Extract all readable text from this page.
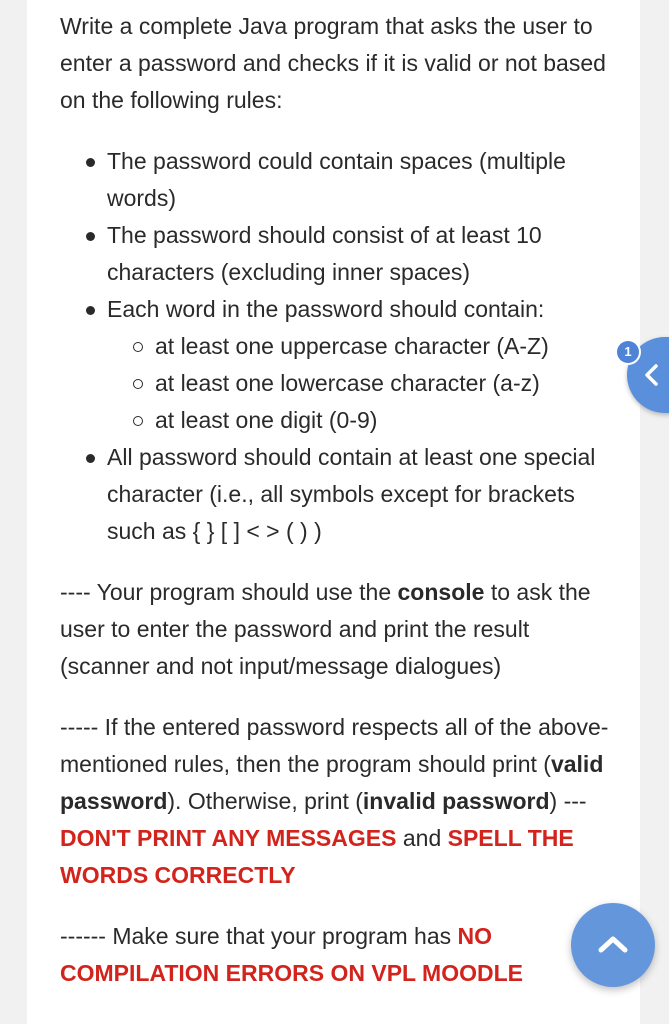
Write a complete Java program that asks the user to enter a password and checks if it is valid or not based on the following rules:

The password could contain spaces (multiple words)
The password should consist of at least 10 characters (excluding inner spaces)
Each word in the password should contain:
at least one uppercase character (A-Z)
at least one lowercase character (a-z)
at least one digit (0-9)
All password should contain at least one special character (i.e., all symbols except for brackets such as { } [ ] < > ( ) )

---- Your program should use the console to ask the user to enter the password and print the result (scanner and not input/message dialogues)

----- If the entered password respects all of the above-mentioned rules, then the program should print (valid password). Otherwise, print (invalid password) --- DON'T PRINT ANY MESSAGES and SPELL THE WORDS CORRECTLY

------ Make sure that your program has NO COMPILATION ERRORS ON VPL MOODLE

1
